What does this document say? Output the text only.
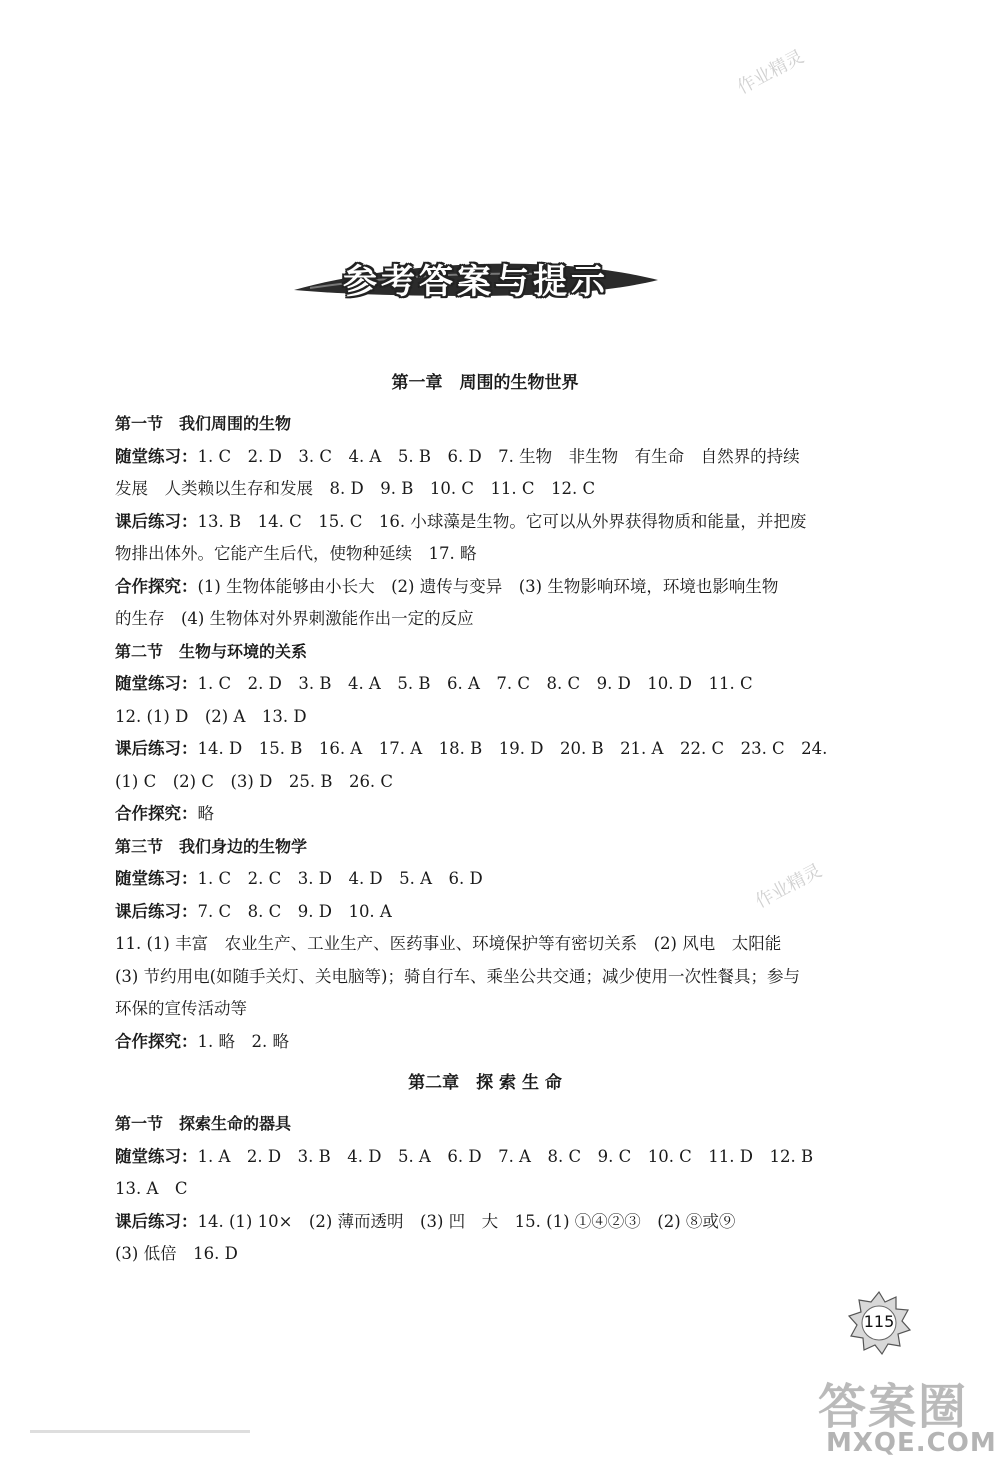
参考答案与提示
第一章　周围的生物世界
第一节　我们周围的生物

随堂练习：1. C　2. D　3. C　4. A　5. B　6. D　7. 生物　非生物　有生命　自然界的持续

发展　人类赖以生存和发展　8. D　9. B　10. C　11. C　12. C

课后练习：13. B　14. C　15. C　16. 小球藻是生物。它可以从外界获得物质和能量，并把废

物排出体外。它能产生后代，使物种延续　17. 略

合作探究：(1) 生物体能够由小长大　(2) 遗传与变异　(3) 生物影响环境，环境也影响生物

的生存　(4) 生物体对外界刺激能作出一定的反应

第二节　生物与环境的关系

随堂练习：1. C　2. D　3. B　4. A　5. B　6. A　7. C　8. C　9. D　10. D　11. C

12. (1) D　(2) A　13. D

课后练习：14. D　15. B　16. A　17. A　18. B　19. D　20. B　21. A　22. C　23. C　24.

(1) C　(2) C　(3) D　25. B　26. C

合作探究：略

第三节　我们身边的生物学

随堂练习：1. C　2. C　3. D　4. D　5. A　6. D

课后练习：7. C　8. C　9. D　10. A

11. (1) 丰富　农业生产、工业生产、医药事业、环境保护等有密切关系　(2) 风电　太阳能

(3) 节约用电(如随手关灯、关电脑等)；骑自行车、乘坐公共交通；减少使用一次性餐具；参与

环保的宣传活动等

合作探究：1. 略　2. 略

第二章　探 索 生 命
第一节　探索生命的器具

随堂练习：1. A　2. D　3. B　4. D　5. A　6. D　7. A　8. C　9. C　10. C　11. D　12. B

13. A　C

课后练习：14. (1) 10×　(2) 薄而透明　(3) 凹　大　15. (1) ①④②③　(2) ⑧或⑨

(3) 低倍　16. D

115
作业精灵
作业精灵
答案圈
MXQE.COM
